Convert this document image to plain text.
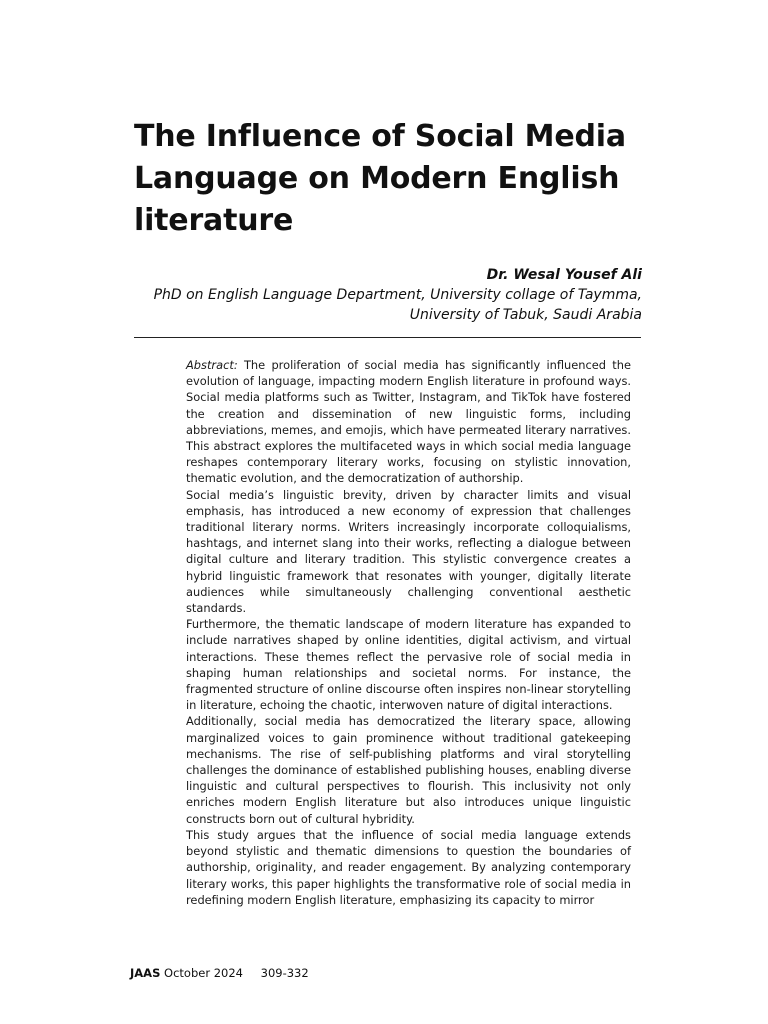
The Influence of Social Media Language on Modern English literature
Dr. Wesal Yousef Ali
PhD on English Language Department, University collage of Taymma,
University of Tabuk, Saudi Arabia

Abstract: The proliferation of social media has significantly influenced the evolution of language, impacting modern English literature in profound ways. Social media platforms such as Twitter, Instagram, and TikTok have fostered the creation and dissemination of new linguistic forms, including abbreviations, memes, and emojis, which have permeated literary narratives. This abstract explores the multifaceted ways in which social media language reshapes contemporary literary works, focusing on stylistic innovation, thematic evolution, and the democratization of authorship.

Social media’s linguistic brevity, driven by character limits and visual emphasis, has introduced a new economy of expression that challenges traditional literary norms. Writers increasingly incorporate colloquialisms, hashtags, and internet slang into their works, reflecting a dialogue between digital culture and literary tradition. This stylistic convergence creates a hybrid linguistic framework that resonates with younger, digitally literate audiences while simultaneously challenging conventional aesthetic standards.

Furthermore, the thematic landscape of modern literature has expanded to include narratives shaped by online identities, digital activism, and virtual interactions. These themes reflect the pervasive role of social media in shaping human relationships and societal norms. For instance, the fragmented structure of online discourse often inspires non-linear storytelling in literature, echoing the chaotic, interwoven nature of digital interactions.

Additionally, social media has democratized the literary space, allowing marginalized voices to gain prominence without traditional gatekeeping mechanisms. The rise of self-publishing platforms and viral storytelling challenges the dominance of established publishing houses, enabling diverse linguistic and cultural perspectives to flourish. This inclusivity not only enriches modern English literature but also introduces unique linguistic constructs born out of cultural hybridity.

This study argues that the influence of social media language extends beyond stylistic and thematic dimensions to question the boundaries of authorship, originality, and reader engagement. By analyzing contemporary literary works, this paper highlights the transformative role of social media in redefining modern English literature, emphasizing its capacity to mirror

JAAS October 2024 309-332
